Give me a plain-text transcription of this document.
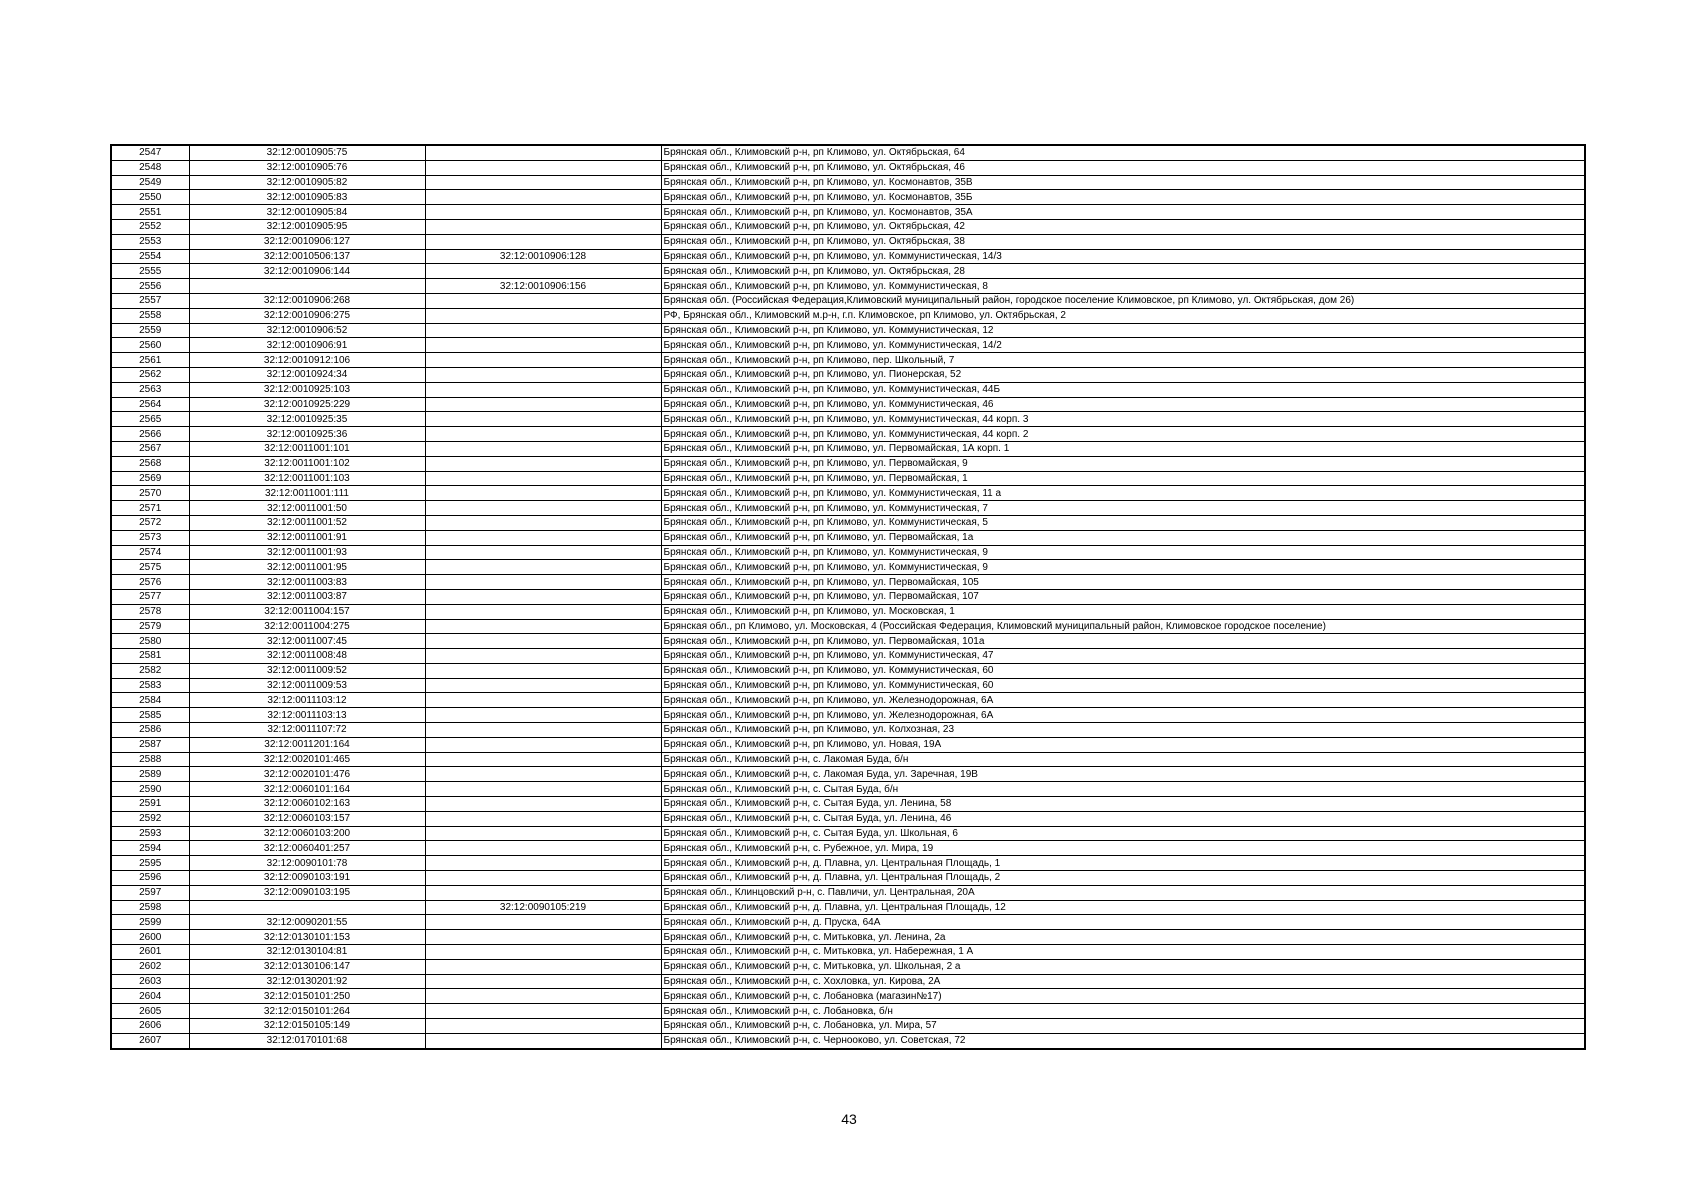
2547	32:12:0010905:75		Брянская обл., Климовский р-н, рп Климово, ул. Октябрьская, 64
2548	32:12:0010905:76		Брянская обл., Климовский р-н, рп Климово, ул. Октябрьская, 46
2549	32:12:0010905:82		Брянская обл., Климовский р-н, рп Климово, ул. Космонавтов, 35В
2550	32:12:0010905:83		Брянская обл., Климовский р-н, рп Климово, ул. Космонавтов, 35Б
2551	32:12:0010905:84		Брянская обл., Климовский р-н, рп Климово, ул. Космонавтов, 35А
2552	32:12:0010905:95		Брянская обл., Климовский р-н, рп Климово, ул. Октябрьская, 42
2553	32:12:0010906:127		Брянская обл., Климовский р-н, рп Климово, ул. Октябрьская, 38
2554	32:12:0010506:137	32:12:0010906:128	Брянская обл., Климовский р-н, рп Климово, ул. Коммунистическая, 14/3
2555	32:12:0010906:144		Брянская обл., Климовский р-н, рп Климово, ул. Октябрьская, 28
2556		32:12:0010906:156	Брянская обл., Климовский р-н, рп Климово, ул. Коммунистическая, 8
2557	32:12:0010906:268		Брянская обл. (Российская Федерация,Климовский муниципальный район, городское поселение Климовское, рп Климово, ул. Октябрьская, дом 26)
2558	32:12:0010906:275		РФ, Брянская обл., Климовский м.р-н, г.п. Климовское, рп Климово, ул. Октябрьская, 2
2559	32:12:0010906:52		Брянская обл., Климовский р-н, рп Климово, ул. Коммунистическая, 12
2560	32:12:0010906:91		Брянская обл., Климовский р-н, рп Климово, ул. Коммунистическая, 14/2
2561	32:12:0010912:106		Брянская обл., Климовский р-н, рп Климово, пер. Школьный, 7
2562	32:12:0010924:34		Брянская обл., Климовский р-н, рп Климово, ул. Пионерская, 52
2563	32:12:0010925:103		Брянская обл., Климовский р-н, рп Климово, ул. Коммунистическая, 44Б
2564	32:12:0010925:229		Брянская обл., Климовский р-н, рп Климово, ул. Коммунистическая, 46
2565	32:12:0010925:35		Брянская обл., Климовский р-н, рп Климово, ул. Коммунистическая, 44 корп. 3
2566	32:12:0010925:36		Брянская обл., Климовский р-н, рп Климово, ул. Коммунистическая, 44 корп. 2
2567	32:12:0011001:101		Брянская обл., Климовский р-н, рп Климово, ул. Первомайская, 1А корп. 1
2568	32:12:0011001:102		Брянская обл., Климовский р-н, рп Климово, ул. Первомайская, 9
2569	32:12:0011001:103		Брянская обл., Климовский р-н, рп Климово, ул. Первомайская, 1
2570	32:12:0011001:111		Брянская обл., Климовский р-н, рп Климово, ул. Коммунистическая, 11 а
2571	32:12:0011001:50		Брянская обл., Климовский р-н, рп Климово, ул. Коммунистическая, 7
2572	32:12:0011001:52		Брянская обл., Климовский р-н, рп Климово, ул. Коммунистическая, 5
2573	32:12:0011001:91		Брянская обл., Климовский р-н, рп Климово, ул. Первомайская, 1а
2574	32:12:0011001:93		Брянская обл., Климовский р-н, рп Климово, ул. Коммунистическая, 9
2575	32:12:0011001:95		Брянская обл., Климовский р-н, рп Климово, ул. Коммунистическая, 9
2576	32:12:0011003:83		Брянская обл., Климовский р-н, рп Климово, ул. Первомайская, 105
2577	32:12:0011003:87		Брянская обл., Климовский р-н, рп Климово, ул. Первомайская, 107
2578	32:12:0011004:157		Брянская обл., Климовский р-н, рп Климово, ул. Московская, 1
2579	32:12:0011004:275		Брянская обл., рп Климово, ул. Московская, 4 (Российская Федерация, Климовский муниципальный район, Климовское городское поселение)
2580	32:12:0011007:45		Брянская обл., Климовский р-н, рп Климово, ул. Первомайская, 101а
2581	32:12:0011008:48		Брянская обл., Климовский р-н, рп Климово, ул. Коммунистическая, 47
2582	32:12:0011009:52		Брянская обл., Климовский р-н, рп Климово, ул. Коммунистическая, 60
2583	32:12:0011009:53		Брянская обл., Климовский р-н, рп Климово, ул. Коммунистическая, 60
2584	32:12:0011103:12		Брянская обл., Климовский р-н, рп Климово, ул. Железнодорожная, 6А
2585	32:12:0011103:13		Брянская обл., Климовский р-н, рп Климово, ул. Железнодорожная, 6А
2586	32:12:0011107:72		Брянская обл., Климовский р-н, рп Климово, ул. Колхозная, 23
2587	32:12:0011201:164		Брянская обл., Климовский р-н, рп Климово, ул. Новая, 19А
2588	32:12:0020101:465		Брянская обл., Климовский р-н, с. Лакомая Буда, б/н
2589	32:12:0020101:476		Брянская обл., Климовский р-н, с. Лакомая Буда, ул. Заречная, 19В
2590	32:12:0060101:164		Брянская обл., Климовский р-н, с. Сытая Буда, б/н
2591	32:12:0060102:163		Брянская обл., Климовский р-н, с. Сытая Буда, ул. Ленина, 58
2592	32:12:0060103:157		Брянская обл., Климовский р-н, с. Сытая Буда, ул. Ленина, 46
2593	32:12:0060103:200		Брянская обл., Климовский р-н, с. Сытая Буда, ул. Школьная, 6
2594	32:12:0060401:257		Брянская обл., Климовский р-н, с. Рубежное, ул. Мира, 19
2595	32:12:0090101:78		Брянская обл., Климовский р-н, д. Плавна, ул. Центральная Площадь, 1
2596	32:12:0090103:191		Брянская обл., Климовский р-н, д. Плавна, ул. Центральная Площадь, 2
2597	32:12:0090103:195		Брянская обл., Клинцовский р-н, с. Павличи, ул. Центральная, 20А
2598		32:12:0090105:219	Брянская обл., Климовский р-н, д. Плавна, ул. Центральная Площадь, 12
2599	32:12:0090201:55		Брянская обл., Климовский р-н, д. Пруска, 64А
2600	32:12:0130101:153		Брянская обл., Климовский р-н, с. Митьковка, ул. Ленина, 2а
2601	32:12:0130104:81		Брянская обл., Климовский р-н, с. Митьковка, ул. Набережная, 1 А
2602	32:12:0130106:147		Брянская обл., Климовский р-н, с. Митьковка, ул. Школьная, 2 а
2603	32:12:0130201:92		Брянская обл., Климовский р-н, с. Хохловка, ул. Кирова, 2А
2604	32:12:0150101:250		Брянская обл., Климовский р-н, с. Лобановка (магазин№17)
2605	32:12:0150101:264		Брянская обл., Климовский р-н, с. Лобановка, б/н
2606	32:12:0150105:149		Брянская обл., Климовский р-н, с. Лобановка, ул. Мира, 57
2607	32:12:0170101:68		Брянская обл., Климовский р-н, с. Чернооково, ул. Советская, 72
43
